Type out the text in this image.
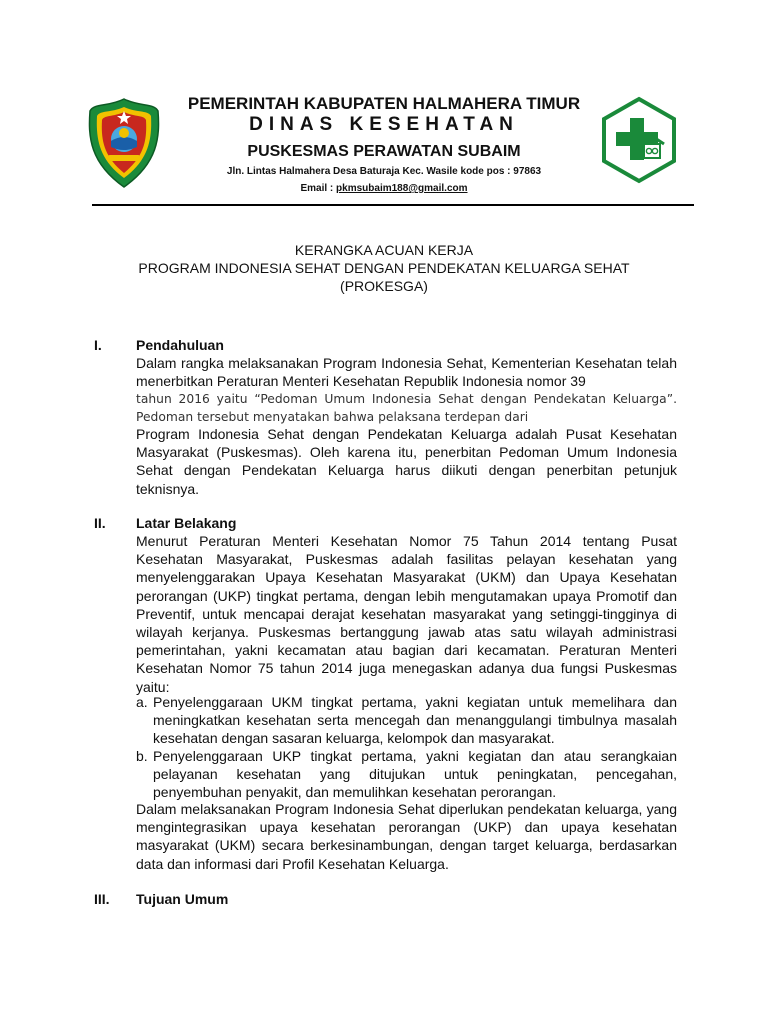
PEMERINTAH KABUPATEN HALMAHERA TIMUR
DINAS KESEHATAN
PUSKESMAS PERAWATAN SUBAIM
Jln. Lintas Halmahera Desa Baturaja Kec. Wasile kode pos : 97863
Email : pkmsubaim188@gmail.com
KERANGKA ACUAN KERJA
PROGRAM INDONESIA SEHAT DENGAN PENDEKATAN KELUARGA SEHAT
(PROKESGA)
I. Pendahuluan

Dalam rangka melaksanakan Program Indonesia Sehat, Kementerian Kesehatan telah menerbitkan Peraturan Menteri Kesehatan Republik Indonesia nomor 39

tahun 2016 yaitu “Pedoman Umum Indonesia Sehat dengan Pendekatan Keluarga”. Pedoman tersebut menyatakan bahwa pelaksana terdepan dari

Program Indonesia Sehat dengan Pendekatan Keluarga adalah Pusat Kesehatan Masyarakat (Puskesmas). Oleh karena itu, penerbitan Pedoman Umum Indonesia Sehat dengan Pendekatan Keluarga harus diikuti dengan penerbitan petunjuk teknisnya.

II. Latar Belakang

Menurut Peraturan Menteri Kesehatan Nomor 75 Tahun 2014 tentang Pusat Kesehatan Masyarakat, Puskesmas adalah fasilitas pelayan kesehatan yang menyelenggarakan Upaya Kesehatan Masyarakat (UKM) dan Upaya Kesehatan perorangan (UKP) tingkat pertama, dengan lebih mengutamakan upaya Promotif dan Preventif, untuk mencapai derajat kesehatan masyarakat yang setinggi-tingginya di wilayah kerjanya. Puskesmas bertanggung jawab atas satu wilayah administrasi pemerintahan, yakni kecamatan atau bagian dari kecamatan. Peraturan Menteri Kesehatan Nomor 75 tahun 2014 juga menegaskan adanya dua fungsi Puskesmas yaitu:

a. Penyelenggaraan UKM tingkat pertama, yakni kegiatan untuk memelihara dan meningkatkan kesehatan serta mencegah dan menanggulangi timbulnya masalah kesehatan dengan sasaran keluarga, kelompok dan masyarakat.
b. Penyelenggaraan UKP tingkat pertama, yakni kegiatan dan atau serangkaian pelayanan kesehatan yang ditujukan untuk peningkatan, pencegahan, penyembuhan penyakit, dan memulihkan kesehatan perorangan.

Dalam melaksanakan Program Indonesia Sehat diperlukan pendekatan keluarga, yang mengintegrasikan upaya kesehatan perorangan (UKP) dan upaya kesehatan masyarakat (UKM) secara berkesinambungan, dengan target keluarga, berdasarkan data dan informasi dari Profil Kesehatan Keluarga.

III. Tujuan Umum
